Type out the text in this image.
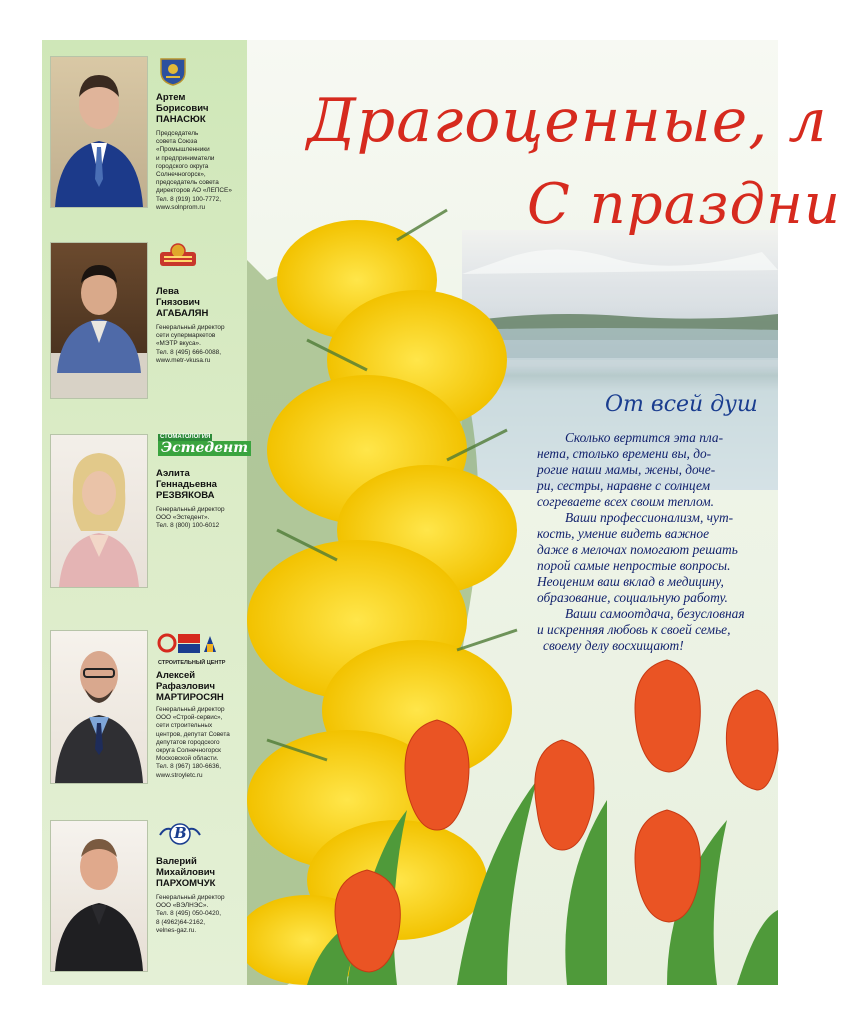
Драгоценные, л
С праздни
От всей душ
Сколько вертится эта пла-
нета, столько времени вы, до-
рогие наши мамы, жены, доче-
ри, сестры, наравне с солнцем
согреваете всех своим теплом.
Ваши профессионализм, чут-
кость, умение видеть важное
даже в мелочах помогают решать
порой самые непростые вопросы.
Неоценим ваш вклад в медицину,
образование, социальную работу.
Ваши самоотдача, безусловная
и искренняя любовь к своей семье,
своему делу восхищают!
Артем
Борисович
ПАНАСЮК
Председатель
совета Союза
«Промышленники
и предприниматели
городского округа
Солнечногорск»,
председатель совета
директоров АО «ЛЕПСЕ»
Тел. 8 (919) 100-7772,
www.solnprom.ru
Лева
Гнязович
АГАБАЛЯН
Генеральный директор
сети супермаркетов
«МЭТР вкуса».
Тел. 8 (495) 666-0088,
www.metr-vkusa.ru
СТОМАТОЛОГИЯ
Эстедент
Аэлита
Геннадьевна
РЕЗВЯКОВА
Генеральный директор
ООО «Эстедент».
Тел. 8 (800) 100-6012
СТРОИТЕЛЬНЫЙ ЦЕНТР
Алексей
Рафаэлович
МАРТИРОСЯН
Генеральный директор
ООО «Строй-сервис»,
сети строительных
центров, депутат Совета
депутатов городского
округа Солнечногорск
Московской области.
Тел. 8 (967) 180-6636,
www.stroyletc.ru
B
Валерий
Михайлович
ПАРХОМЧУК
Генеральный директор
ООО «ВЭЛНЭС».
Тел. 8 (495) 050-0420,
8 (4962)64-2162,
velnes-gaz.ru.
